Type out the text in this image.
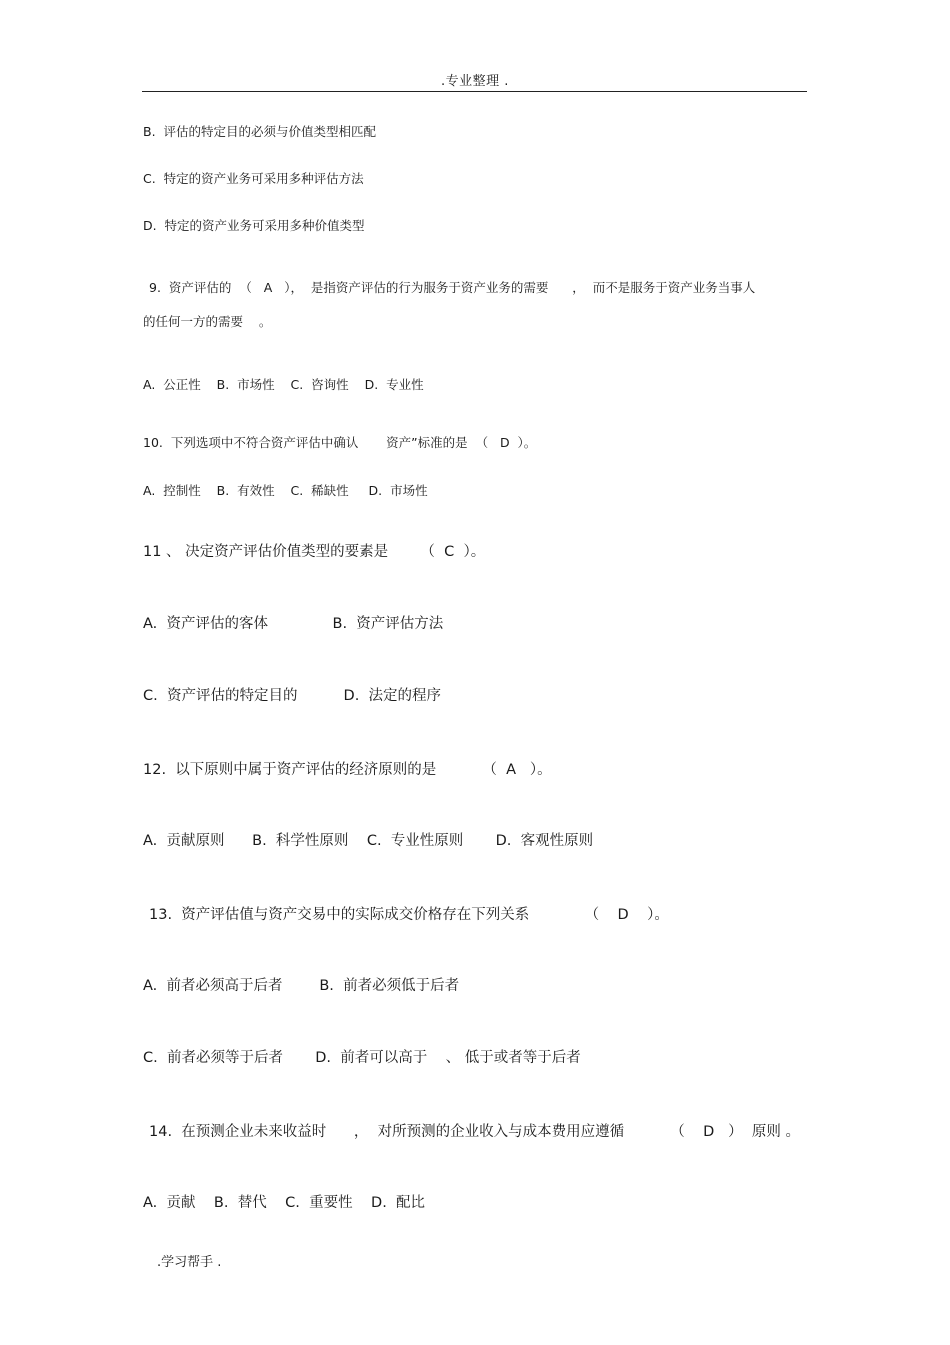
.专业整理 .
B.  评估的特定目的必须与价值类型相匹配
C.  特定的资产业务可采用多种评估方法
D.  特定的资产业务可采用多种价值类型
9.  资产评估的  （   A   ），  是指资产评估的行为服务于资产业务的需要      ，  而不是服务于资产业务当事人
的任何一方的需要    。
A.  公正性    B.  市场性    C.  咨询性    D.  专业性
10.  下列选项中不符合资产评估中确认       资产”标准的是  （   D  ）。
A.  控制性    B.  有效性    C.  稀缺性     D.  市场性
11 、 决定资产评估价值类型的要素是       （  C  ）。
A.  资产评估的客体              B.  资产评估方法
C.  资产评估的特定目的          D.  法定的程序
12.  以下原则中属于资产评估的经济原则的是          （  A   ）。
A.  贡献原则      B.  科学性原则    C.  专业性原则       D.  客观性原则
13.  资产评估值与资产交易中的实际成交价格存在下列关系            （    D    ）。
A.  前者必须高于后者        B.  前者必须低于后者
C.  前者必须等于后者       D.  前者可以高于    、 低于或者等于后者
14.  在预测企业未来收益时      ，  对所预测的企业收入与成本费用应遵循          （    D   ）  原则 。
A.  贡献    B.  替代    C.  重要性    D.  配比
.学习帮手 .
